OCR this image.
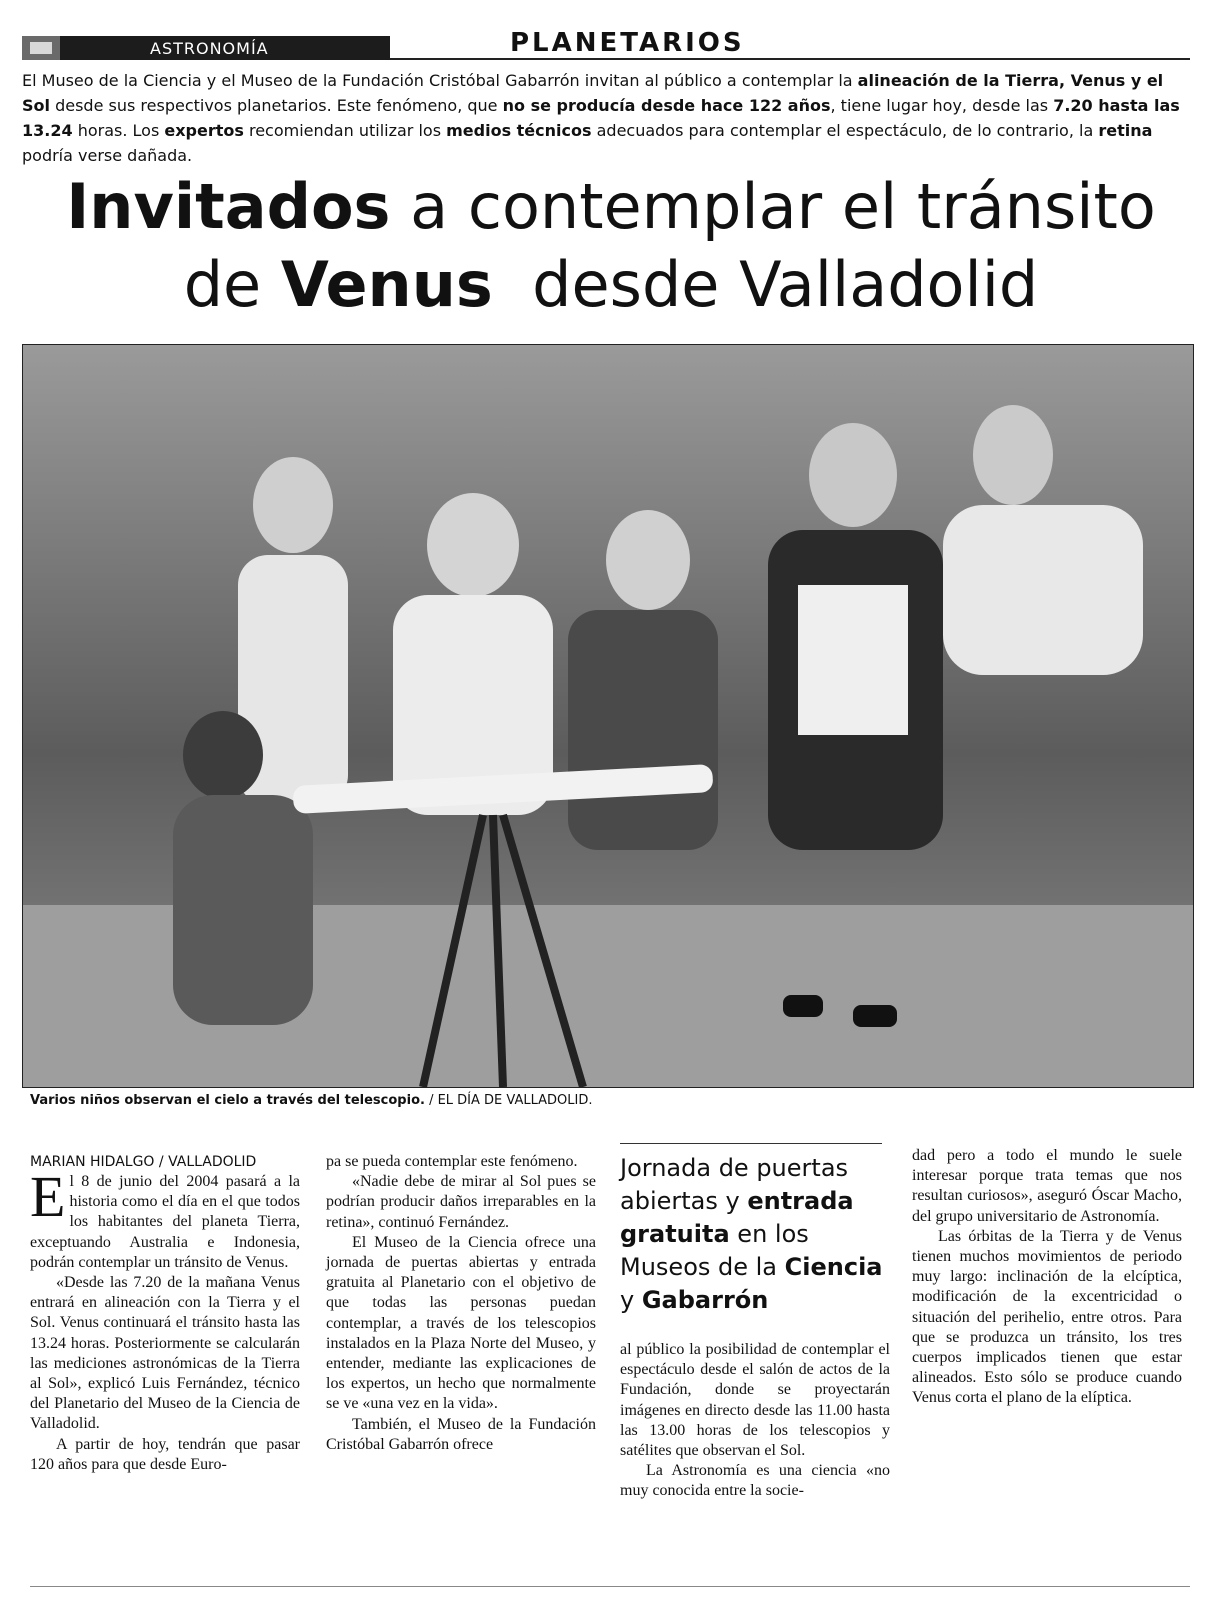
ASTRONOMÍA	PLANETARIOS
El Museo de la Ciencia y el Museo de la Fundación Cristóbal Gabarrón invitan al público a contemplar la alineación de la Tierra, Venus y el Sol desde sus respectivos planetarios. Este fenómeno, que no se producía desde hace 122 años, tiene lugar hoy, desde las 7.20 hasta las 13.24 horas. Los expertos recomiendan utilizar los medios técnicos adecuados para contemplar el espectáculo, de lo contrario, la retina podría verse dañada.
Invitados a contemplar el tránsito
de Venus  desde Valladolid
Varios niños observan el cielo a través del telescopio. / EL DÍA DE VALLADOLID.
MARIAN HIDALGO / VALLADOLID

El 8 de junio del 2004 pasará a la historia como el día en el que todos los habitantes del planeta Tierra, exceptuando Australia e Indonesia, podrán contemplar un tránsito de Venus.

«Desde las 7.20 de la mañana Venus entrará en alineación con la Tierra y el Sol. Venus continuará el tránsito hasta las 13.24 horas. Posteriormente se calcularán las mediciones astronómicas de la Tierra al Sol», explicó Luis Fernández, técnico del Planetario del Museo de la Ciencia de Valladolid.

A partir de hoy, tendrán que pasar 120 años para que desde Euro-

pa se pueda contemplar este fenómeno.

«Nadie debe de mirar al Sol pues se podrían producir daños irreparables en la retina», continuó Fernández.

El Museo de la Ciencia ofrece una jornada de puertas abiertas y entrada gratuita al Planetario con el objetivo de que todas las personas puedan contemplar, a través de los telescopios instalados en la Plaza Norte del Museo, y entender, mediante las explicaciones de los expertos, un hecho que normalmente se ve «una vez en la vida».

También, el Museo de la Fundación Cristóbal Gabarrón ofrece

Jornada de puertas abiertas y entrada gratuita en los Museos de la Ciencia y Gabarrón

al público la posibilidad de contemplar el espectáculo desde el salón de actos de la Fundación, donde se proyectarán imágenes en directo desde las 11.00 hasta las 13.00 horas de los telescopios y satélites que observan el Sol.

La Astronomía es una ciencia «no muy conocida entre la socie-

dad pero a todo el mundo le suele interesar porque trata temas que nos resultan curiosos», aseguró Óscar Macho, del grupo universitario de Astronomía.

Las órbitas de la Tierra y de Venus tienen muchos movimientos de periodo muy largo: inclinación de la elcíptica, modificación de la excentricidad o situación del perihelio, entre otros. Para que se produzca un tránsito, los tres cuerpos implicados tienen que estar alineados. Esto sólo se produce cuando Venus corta el plano de la elíptica.
